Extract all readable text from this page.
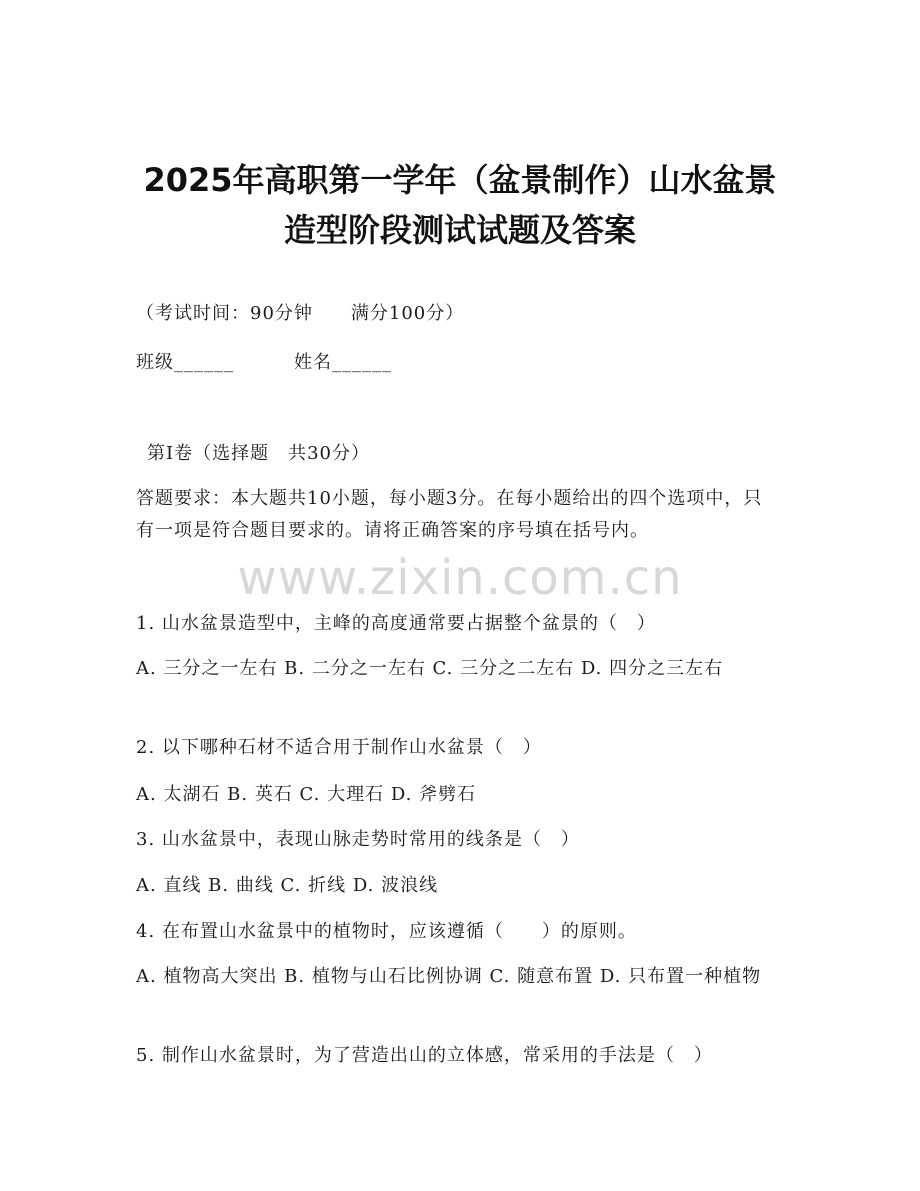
2025年高职第一学年（盆景制作）山水盆景
造型阶段测试试题及答案
（考试时间：90分钟　　满分100分）
班级______	姓名______
第Ⅰ卷（选择题　共30分）
答题要求：本大题共10小题，每小题3分。在每小题给出的四个选项中，只有一项是符合题目要求的。请将正确答案的序号填在括号内。
www.zixin.com.cn
1. 山水盆景造型中，主峰的高度通常要占据整个盆景的（　）
A. 三分之一左右 B. 二分之一左右 C. 三分之二左右 D. 四分之三左右
2. 以下哪种石材不适合用于制作山水盆景（　）
A. 太湖石 B. 英石 C. 大理石 D. 斧劈石
3. 山水盆景中，表现山脉走势时常用的线条是（　）
A. 直线 B. 曲线 C. 折线 D. 波浪线
4. 在布置山水盆景中的植物时，应该遵循（　　）的原则。
A. 植物高大突出 B. 植物与山石比例协调 C. 随意布置 D. 只布置一种植物
5. 制作山水盆景时，为了营造出山的立体感，常采用的手法是（　）
